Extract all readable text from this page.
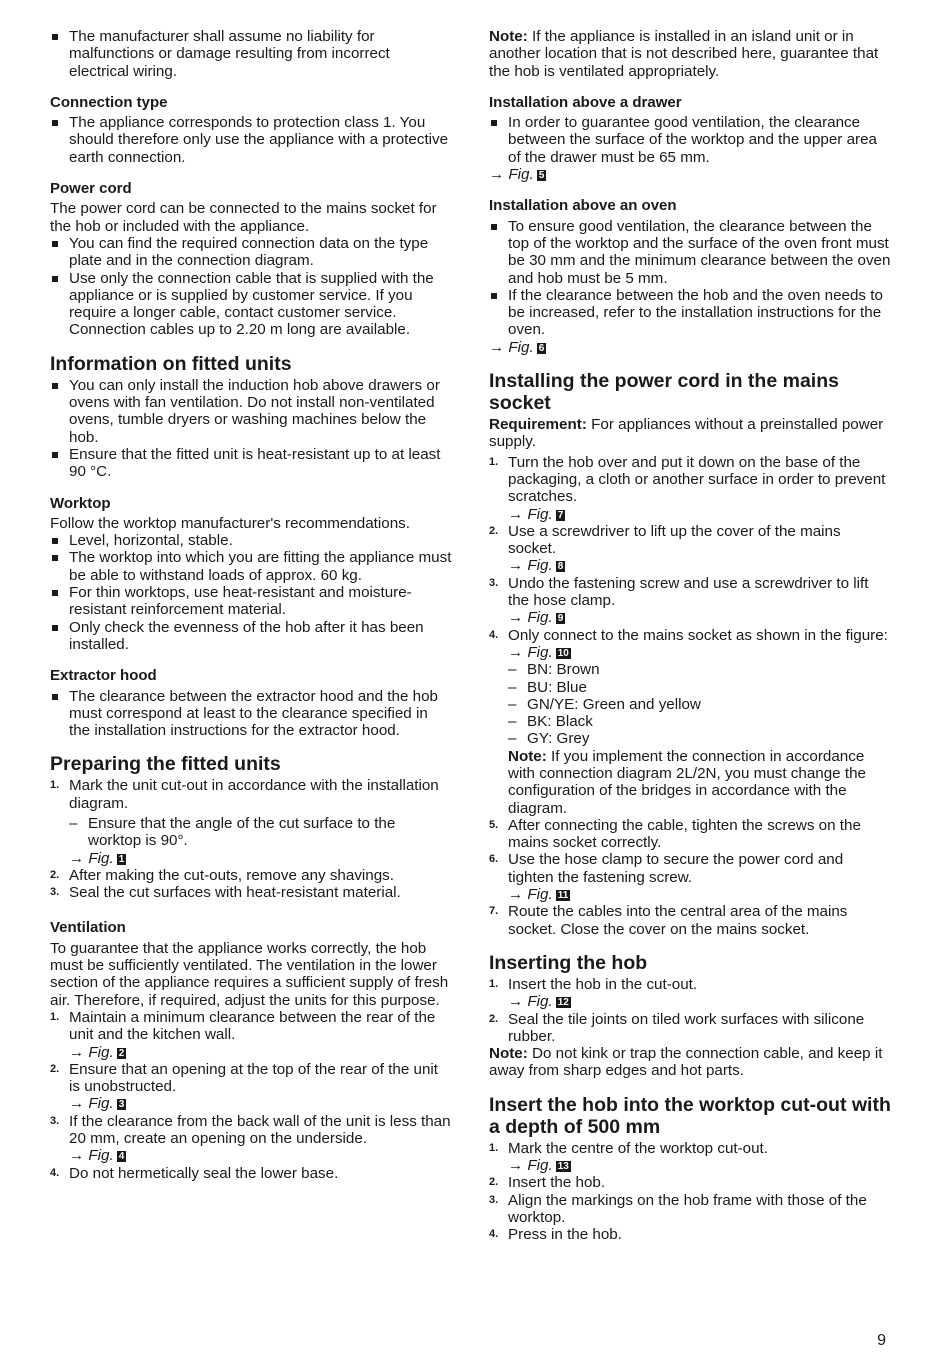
The manufacturer shall assume no liability for malfunctions or damage resulting from incorrect electrical wiring.
Connection type
The appliance corresponds to protection class 1. You should therefore only use the appliance with a protective earth connection.
Power cord
The power cord can be connected to the mains socket for the hob or included with the appliance.
You can find the required connection data on the type plate and in the connection diagram.
Use only the connection cable that is supplied with the appliance or is supplied by customer service. If you require a longer cable, contact customer service. Connection cables up to 2.20 m long are available.
Information on fitted units
You can only install the induction hob above drawers or ovens with fan ventilation. Do not install non-ventilated ovens, tumble dryers or washing machines below the hob.
Ensure that the fitted unit is heat-resistant up to at least 90 °C.
Worktop
Follow the worktop manufacturer's recommendations.
Level, horizontal, stable.
The worktop into which you are fitting the appliance must be able to withstand loads of approx. 60 kg.
For thin worktops, use heat-resistant and moisture-resistant reinforcement material.
Only check the evenness of the hob after it has been installed.
Extractor hood
The clearance between the extractor hood and the hob must correspond at least to the clearance specified in the installation instructions for the extractor hood.
Preparing the fitted units
1. Mark the unit cut-out in accordance with the installation diagram.
– Ensure that the angle of the cut surface to the worktop is 90°.
→ Fig. 1
2. After making the cut-outs, remove any shavings.
3. Seal the cut surfaces with heat-resistant material.
Ventilation
To guarantee that the appliance works correctly, the hob must be sufficiently ventilated. The ventilation in the lower section of the appliance requires a sufficient supply of fresh air. Therefore, if required, adjust the units for this purpose.
1. Maintain a minimum clearance between the rear of the unit and the kitchen wall.
→ Fig. 2
2. Ensure that an opening at the top of the rear of the unit is unobstructed.
→ Fig. 3
3. If the clearance from the back wall of the unit is less than 20 mm, create an opening on the underside.
→ Fig. 4
4. Do not hermetically seal the lower base.
Note: If the appliance is installed in an island unit or in another location that is not described here, guarantee that the hob is ventilated appropriately.
Installation above a drawer
In order to guarantee good ventilation, the clearance between the surface of the worktop and the upper area of the drawer must be 65 mm.
→ Fig. 5
Installation above an oven
To ensure good ventilation, the clearance between the top of the worktop and the surface of the oven front must be 30 mm and the minimum clearance between the oven and hob must be 5 mm.
If the clearance between the hob and the oven needs to be increased, refer to the installation instructions for the oven.
→ Fig. 6
Installing the power cord in the mains socket
Requirement: For appliances without a preinstalled power supply.
1. Turn the hob over and put it down on the base of the packaging, a cloth or another surface in order to prevent scratches.
→ Fig. 7
2. Use a screwdriver to lift up the cover of the mains socket.
→ Fig. 8
3. Undo the fastening screw and use a screwdriver to lift the hose clamp.
→ Fig. 9
4. Only connect to the mains socket as shown in the figure:
→ Fig. 10
– BN: Brown
– BU: Blue
– GN/YE: Green and yellow
– BK: Black
– GY: Grey
Note: If you implement the connection in accordance with connection diagram 2L/2N, you must change the configuration of the bridges in accordance with the diagram.
5. After connecting the cable, tighten the screws on the mains socket correctly.
6. Use the hose clamp to secure the power cord and tighten the fastening screw.
→ Fig. 11
7. Route the cables into the central area of the mains socket. Close the cover on the mains socket.
Inserting the hob
1. Insert the hob in the cut-out.
→ Fig. 12
2. Seal the tile joints on tiled work surfaces with silicone rubber.
Note: Do not kink or trap the connection cable, and keep it away from sharp edges and hot parts.
Insert the hob into the worktop cut-out with a depth of 500 mm
1. Mark the centre of the worktop cut-out.
→ Fig. 13
2. Insert the hob.
3. Align the markings on the hob frame with those of the worktop.
4. Press in the hob.
9
